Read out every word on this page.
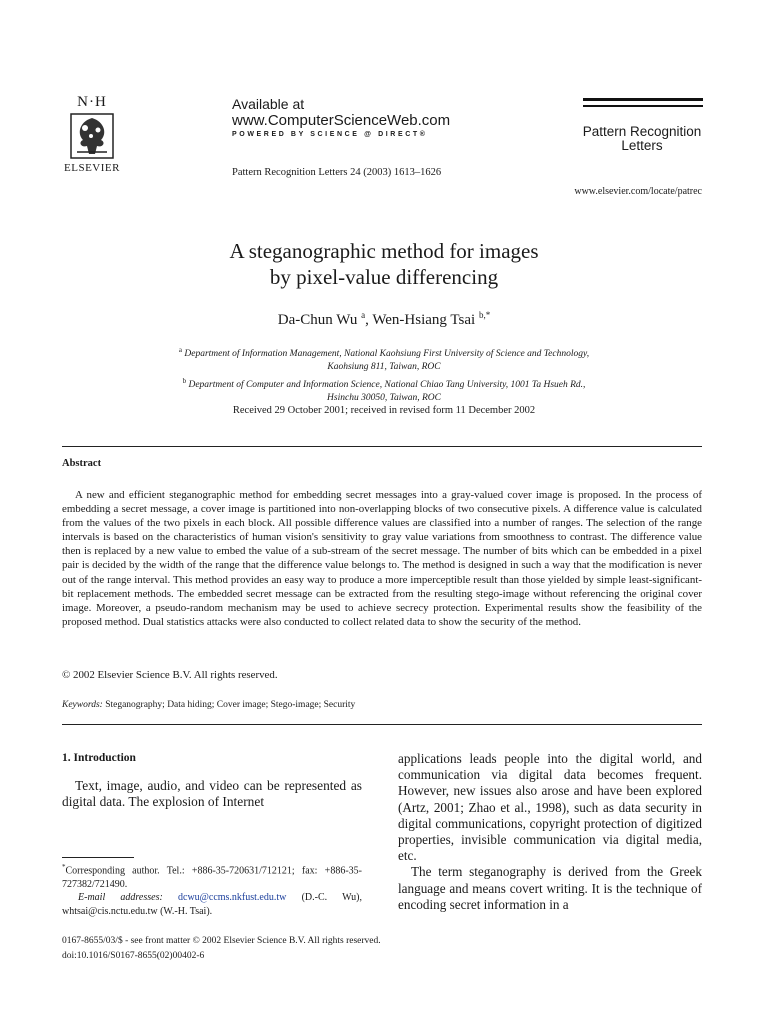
N·H
ELSEVIER
Available at
www.ComputerScienceWeb.com
POWERED BY SCIENCE @ DIRECT®
Pattern Recognition Letters 24 (2003) 1613–1626
Pattern Recognition
Letters
www.elsevier.com/locate/patrec
A steganographic method for images
by pixel-value differencing
Da-Chun Wu $^a$, Wen-Hsiang Tsai $^{b,*}$
$^a$ Department of Information Management, National Kaohsiung First University of Science and Technology,
Kaohsiung 811, Taiwan, ROC
$^b$ Department of Computer and Information Science, National Chiao Tang University, 1001 Ta Hsueh Rd.,
Hsinchu 30050, Taiwan, ROC
Received 29 October 2001; received in revised form 11 December 2002
Abstract
A new and efficient steganographic method for embedding secret messages into a gray-valued cover image is proposed. In the process of embedding a secret message, a cover image is partitioned into non-overlapping blocks of two consecutive pixels. A difference value is calculated from the values of the two pixels in each block. All possible difference values are classified into a number of ranges. The selection of the range intervals is based on the characteristics of human vision's sensitivity to gray value variations from smoothness to contrast. The difference value then is replaced by a new value to embed the value of a sub-stream of the secret message. The number of bits which can be embedded in a pixel pair is decided by the width of the range that the difference value belongs to. The method is designed in such a way that the modification is never out of the range interval. This method provides an easy way to produce a more imperceptible result than those yielded by simple least-significant-bit replacement methods. The embedded secret message can be extracted from the resulting stego-image without referencing the original cover image. Moreover, a pseudo-random mechanism may be used to achieve secrecy protection. Experimental results show the feasibility of the proposed method. Dual statistics attacks were also conducted to collect related data to show the security of the method.
© 2002 Elsevier Science B.V. All rights reserved.
Keywords: Steganography; Data hiding; Cover image; Stego-image; Security
1. Introduction
Text, image, audio, and video can be represented as digital data. The explosion of Internet
*Corresponding author. Tel.: +886-35-720631/712121; fax: +886-35-727382/721490.
E-mail addresses: dcwu@ccms.nkfust.edu.tw (D.-C. Wu), whtsai@cis.nctu.edu.tw (W.-H. Tsai).
applications leads people into the digital world, and communication via digital data becomes frequent. However, new issues also arose and have been explored (Artz, 2001; Zhao et al., 1998), such as data security in digital communications, copyright protection of digitized properties, invisible communication via digital media, etc.
The term steganography is derived from the Greek language and means covert writing. It is the technique of encoding secret information in a
0167-8655/03/$ - see front matter © 2002 Elsevier Science B.V. All rights reserved.
doi:10.1016/S0167-8655(02)00402-6
